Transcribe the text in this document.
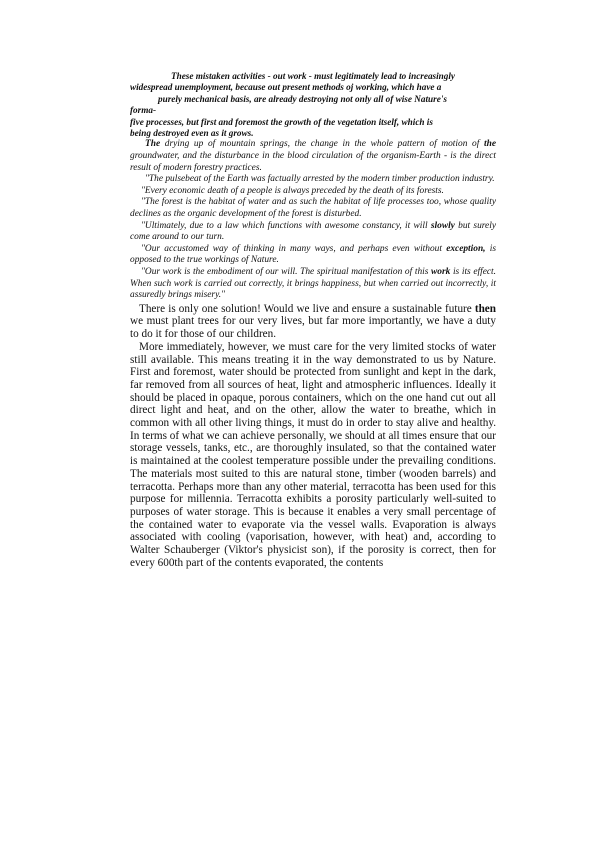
These mistaken activities - out work - must legitimately lead to increasingly

widespread unemployment, because out present methods oj working, which have a

purely mechanical basis, are already destroying not only all of wise Nature's

forma-

five processes, but first and foremost the growth of the vegetation itself, which is

being destroyed even as it grows.

The drying up of mountain springs, the change in the whole pattern of motion of the groundwater, and the disturbance in the blood circulation of the organism-Earth - is the direct result of modern forestry practices.

"The pulsebeat of the Earth was factually arrested by the modern timber production industry.

"Every economic death of a people is always preceded by the death of its forests.

"The forest is the habitat of water and as such the habitat of life processes too, whose quality declines as the organic development of the forest is disturbed.

"Ultimately, due to a law which functions with awesome constancy, it will slowly but surely come around to our turn.

"Our accustomed way of thinking in many ways, and perhaps even without exception, is opposed to the true workings of Nature.

"Our work is the embodiment of our will. The spiritual manifestation of this work is its effect. When such work is carried out correctly, it brings happiness, but when carried out incorrectly, it assuredly brings misery."

There is only one solution! Would we live and ensure a sustainable future then we must plant trees for our very lives, but far more importantly, we have a duty to do it for those of our children.

More immediately, however, we must care for the very limited stocks of water still available. This means treating it in the way demonstrated to us by Nature. First and foremost, water should be protected from sunlight and kept in the dark, far removed from all sources of heat, light and atmospheric influences. Ideally it should be placed in opaque, porous containers, which on the one hand cut out all direct light and heat, and on the other, allow the water to breathe, which in common with all other living things, it must do in order to stay alive and healthy. In terms of what we can achieve personally, we should at all times ensure that our storage vessels, tanks, etc., are thoroughly insulated, so that the contained water is maintained at the coolest temperature possible under the prevailing conditions. The materials most suited to this are natural stone, timber (wooden barrels) and terracotta. Perhaps more than any other material, terracotta has been used for this purpose for millennia. Terracotta exhibits a porosity particularly well-suited to purposes of water storage. This is because it enables a very small percentage of the contained water to evaporate via the vessel walls. Evaporation is always associated with cooling (vaporisation, however, with heat) and, according to Walter Schauberger (Viktor's physicist son), if the porosity is correct, then for every 600th part of the contents evaporated, the contents
